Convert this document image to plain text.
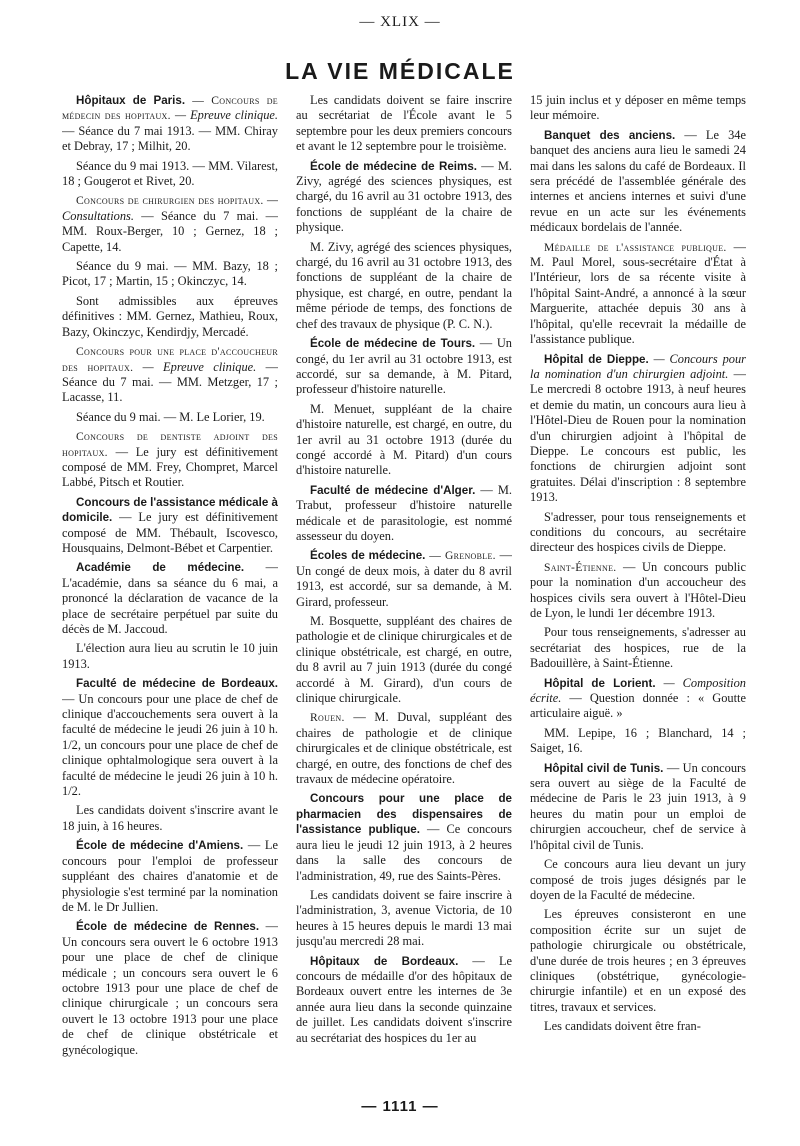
— XLIX —
LA VIE MÉDICALE

Hôpitaux de Paris. — Concours de médecin des hopitaux. — Epreuve clinique. — Séance du 7 mai 1913. — MM. Chiray et Debray, 17 ; Milhit, 20.

Séance du 9 mai 1913. — MM. Vilarest, 18 ; Gougerot et Rivet, 20.

Concours de chirurgien des hopitaux. — Consultations. — Séance du 7 mai. — MM. Roux-Berger, 10 ; Gernez, 18 ; Capette, 14.

Séance du 9 mai. — MM. Bazy, 18 ; Picot, 17 ; Martin, 15 ; Okinczyc, 14.

Sont admissibles aux épreuves définitives : MM. Gernez, Mathieu, Roux, Bazy, Okinczyc, Kendirdjy, Mercadé.

Concours pour une place d'accoucheur des hopitaux. — Epreuve clinique. — Séance du 7 mai. — MM. Metzger, 17 ; Lacasse, 11.

Séance du 9 mai. — M. Le Lorier, 19.

Concours de dentiste adjoint des hopitaux. — Le jury est définitivement composé de MM. Frey, Chompret, Marcel Labbé, Pitsch et Routier.

Concours de l'assistance médicale à domicile. — Le jury est définitivement composé de MM. Thébault, Iscovesco, Housquains, Delmont-Bébet et Carpentier.

Académie de médecine. — L'académie, dans sa séance du 6 mai, a prononcé la déclaration de vacance de la place de secrétaire perpétuel par suite du décès de M. Jaccoud.

L'élection aura lieu au scrutin le 10 juin 1913.

Faculté de médecine de Bordeaux. — Un concours pour une place de chef de clinique d'accouchements sera ouvert à la faculté de médecine le jeudi 26 juin à 10 h. 1/2, un concours pour une place de chef de clinique ophtalmologique sera ouvert à la faculté de médecine le jeudi 26 juin à 10 h. 1/2.

Les candidats doivent s'inscrire avant le 18 juin, à 16 heures.

École de médecine d'Amiens. — Le concours pour l'emploi de professeur suppléant des chaires d'anatomie et de physiologie s'est terminé par la nomination de M. le Dr Jullien.

École de médecine de Rennes. — Un concours sera ouvert le 6 octobre 1913 pour une place de chef de clinique médicale ; un concours sera ouvert le 6 octobre 1913 pour une place de chef de clinique chirurgicale ; un concours sera ouvert le 13 octobre 1913 pour une place de chef de clinique obstétricale et gynécologique.

Les candidats doivent se faire inscrire au secrétariat de l'École avant le 5 septembre pour les deux premiers concours et avant le 12 septembre pour le troisième.

École de médecine de Reims. — M. Zivy, agrégé des sciences physiques, est chargé, du 16 avril au 31 octobre 1913, des fonctions de suppléant de la chaire de physique.

M. Zivy, agrégé des sciences physiques, chargé, du 16 avril au 31 octobre 1913, des fonctions de suppléant de la chaire de physique, est chargé, en outre, pendant la même période de temps, des fonctions de chef des travaux de physique (P. C. N.).

École de médecine de Tours. — Un congé, du 1er avril au 31 octobre 1913, est accordé, sur sa demande, à M. Pitard, professeur d'histoire naturelle.

M. Menuet, suppléant de la chaire d'histoire naturelle, est chargé, en outre, du 1er avril au 31 octobre 1913 (durée du congé accordé à M. Pitard) d'un cours d'histoire naturelle.

Faculté de médecine d'Alger. — M. Trabut, professeur d'histoire naturelle médicale et de parasitologie, est nommé assesseur du doyen.

Écoles de médecine. — Grenoble. — Un congé de deux mois, à dater du 8 avril 1913, est accordé, sur sa demande, à M. Girard, professeur.

M. Bosquette, suppléant des chaires de pathologie et de clinique chirurgicales et de clinique obstétricale, est chargé, en outre, du 8 avril au 7 juin 1913 (durée du congé accordé à M. Girard), d'un cours de clinique chirurgicale.

Rouen. — M. Duval, suppléant des chaires de pathologie et de clinique chirurgicales et de clinique obstétricale, est chargé, en outre, des fonctions de chef des travaux de médecine opératoire.

Concours pour une place de pharmacien des dispensaires de l'assistance publique. — Ce concours aura lieu le jeudi 12 juin 1913, à 2 heures dans la salle des concours de l'administration, 49, rue des Saints-Pères.

Les candidats doivent se faire inscrire à l'administration, 3, avenue Victoria, de 10 heures à 15 heures depuis le mardi 13 mai jusqu'au mercredi 28 mai.

Hôpitaux de Bordeaux. — Le concours de médaille d'or des hôpitaux de Bordeaux ouvert entre les internes de 3e année aura lieu dans la seconde quinzaine de juillet. Les candidats doivent s'inscrire au secrétariat des hospices du 1er au

15 juin inclus et y déposer en même temps leur mémoire.

Banquet des anciens. — Le 34e banquet des anciens aura lieu le samedi 24 mai dans les salons du café de Bordeaux. Il sera précédé de l'assemblée générale des internes et anciens internes et suivi d'une revue en un acte sur les événements médicaux bordelais de l'année.

Médaille de l'assistance publique. — M. Paul Morel, sous-secrétaire d'État à l'Intérieur, lors de sa récente visite à l'hôpital Saint-André, a annoncé à la sœur Marguerite, attachée depuis 30 ans à l'hôpital, qu'elle recevrait la médaille de l'assistance publique.

Hôpital de Dieppe. — Concours pour la nomination d'un chirurgien adjoint. — Le mercredi 8 octobre 1913, à neuf heures et demie du matin, un concours aura lieu à l'Hôtel-Dieu de Rouen pour la nomination d'un chirurgien adjoint à l'hôpital de Dieppe. Le concours est public, les fonctions de chirurgien adjoint sont gratuites. Délai d'inscription : 8 septembre 1913.

S'adresser, pour tous renseignements et conditions du concours, au secrétaire directeur des hospices civils de Dieppe.

Saint-Étienne. — Un concours public pour la nomination d'un accoucheur des hospices civils sera ouvert à l'Hôtel-Dieu de Lyon, le lundi 1er décembre 1913.

Pour tous renseignements, s'adresser au secrétariat des hospices, rue de la Badouillère, à Saint-Étienne.

Hôpital de Lorient. — Composition écrite. — Question donnée : « Goutte articulaire aiguë. »

MM. Lepipe, 16 ; Blanchard, 14 ; Saiget, 16.

Hôpital civil de Tunis. — Un concours sera ouvert au siège de la Faculté de médecine de Paris le 23 juin 1913, à 9 heures du matin pour un emploi de chirurgien accoucheur, chef de service à l'hôpital civil de Tunis.

Ce concours aura lieu devant un jury composé de trois juges désignés par le doyen de la Faculté de médecine.

Les épreuves consisteront en une composition écrite sur un sujet de pathologie chirurgicale ou obstétricale, d'une durée de trois heures ; en 3 épreuves cliniques (obstétrique, gynécologie-chirurgie infantile) et en un exposé des titres, travaux et services.

Les candidats doivent être fran-

— 1111 —
